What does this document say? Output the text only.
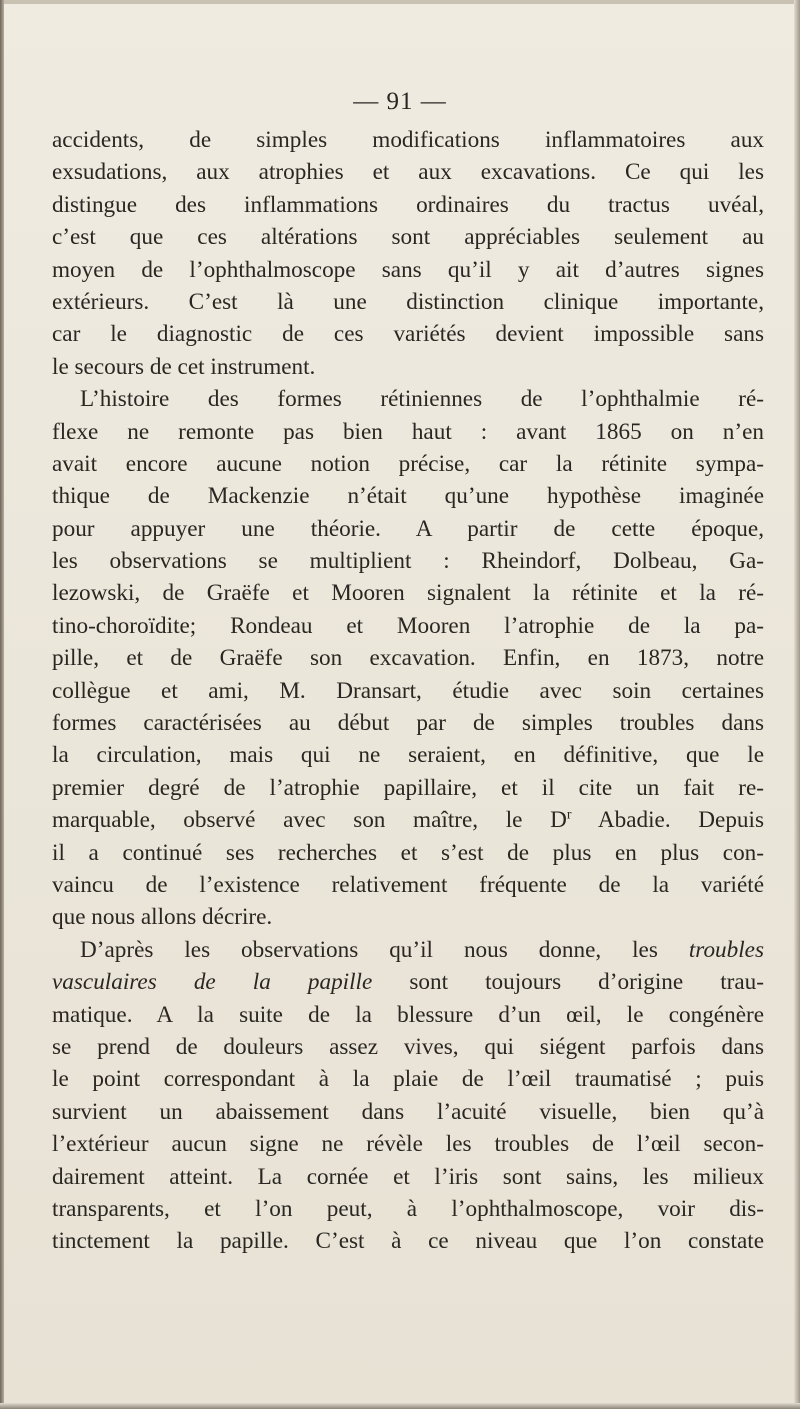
— 91 —
accidents, de simples modifications inflammatoires aux
exsudations, aux atrophies et aux excavations. Ce qui les
distingue des inflammations ordinaires du tractus uvéal,
c’est que ces altérations sont appréciables seulement au
moyen de l’ophthalmoscope sans qu’il y ait d’autres signes
extérieurs. C’est là une distinction clinique importante,
car le diagnostic de ces variétés devient impossible sans
le secours de cet instrument.
L’histoire des formes rétiniennes de l’ophthalmie ré-
flexe ne remonte pas bien haut : avant 1865 on n’en
avait encore aucune notion précise, car la rétinite sympa-
thique de Mackenzie n’était qu’une hypothèse imaginée
pour appuyer une théorie. A partir de cette époque,
les observations se multiplient : Rheindorf, Dolbeau, Ga-
lezowski, de Graëfe et Mooren signalent la rétinite et la ré-
tino-choroïdite; Rondeau et Mooren l’atrophie de la pa-
pille, et de Graëfe son excavation. Enfin, en 1873, notre
collègue et ami, M. Dransart, étudie avec soin certaines
formes caractérisées au début par de simples troubles dans
la circulation, mais qui ne seraient, en définitive, que le
premier degré de l’atrophie papillaire, et il cite un fait re-
marquable, observé avec son maître, le $D^r$ Abadie. Depuis
il a continué ses recherches et s’est de plus en plus con-
vaincu de l’existence relativement fréquente de la variété
que nous allons décrire.
D’après les observations qu’il nous donne, les troubles
vasculaires de la papille sont toujours d’origine trau-
matique. A la suite de la blessure d’un œil, le congénère
se prend de douleurs assez vives, qui siégent parfois dans
le point correspondant à la plaie de l’œil traumatisé ; puis
survient un abaissement dans l’acuité visuelle, bien qu’à
l’extérieur aucun signe ne révèle les troubles de l’œil secon-
dairement atteint. La cornée et l’iris sont sains, les milieux
transparents, et l’on peut, à l’ophthalmoscope, voir dis-
tinctement la papille. C’est à ce niveau que l’on constate
